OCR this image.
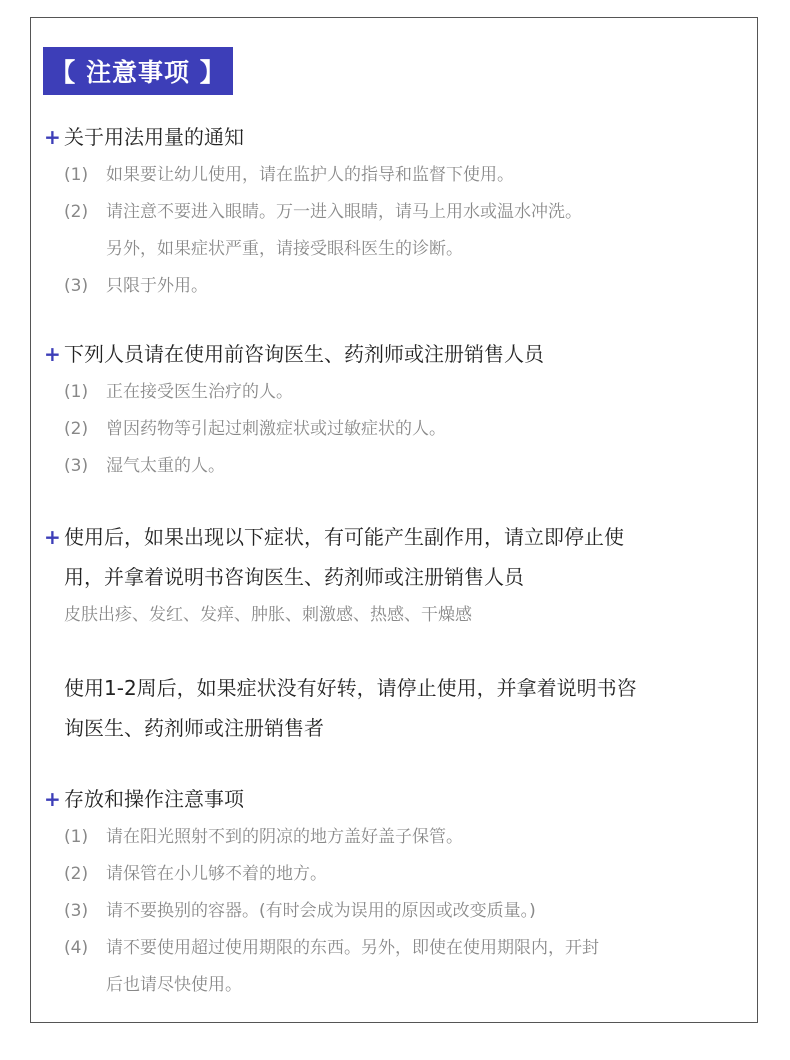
【 注意事项 】
+ 关于用法用量的通知
(1) 如果要让幼儿使用，请在监护人的指导和监督下使用。
(2) 请注意不要进入眼睛。万一进入眼睛，请马上用水或温水冲洗。
另外，如果症状严重，请接受眼科医生的诊断。
(3) 只限于外用。
+ 下列人员请在使用前咨询医生、药剂师或注册销售人员
(1) 正在接受医生治疗的人。
(2) 曾因药物等引起过刺激症状或过敏症状的人。
(3) 湿气太重的人。
+ 使用后，如果出现以下症状，有可能产生副作用，请立即停止使
用，并拿着说明书咨询医生、药剂师或注册销售人员
皮肤出疹、发红、发痒、肿胀、刺激感、热感、干燥感
使用1-2周后，如果症状没有好转，请停止使用，并拿着说明书咨
询医生、药剂师或注册销售者
+ 存放和操作注意事项
(1) 请在阳光照射不到的阴凉的地方盖好盖子保管。
(2) 请保管在小儿够不着的地方。
(3) 请不要换别的容器。(有时会成为误用的原因或改变质量。)
(4) 请不要使用超过使用期限的东西。另外，即使在使用期限内，开封
后也请尽快使用。
